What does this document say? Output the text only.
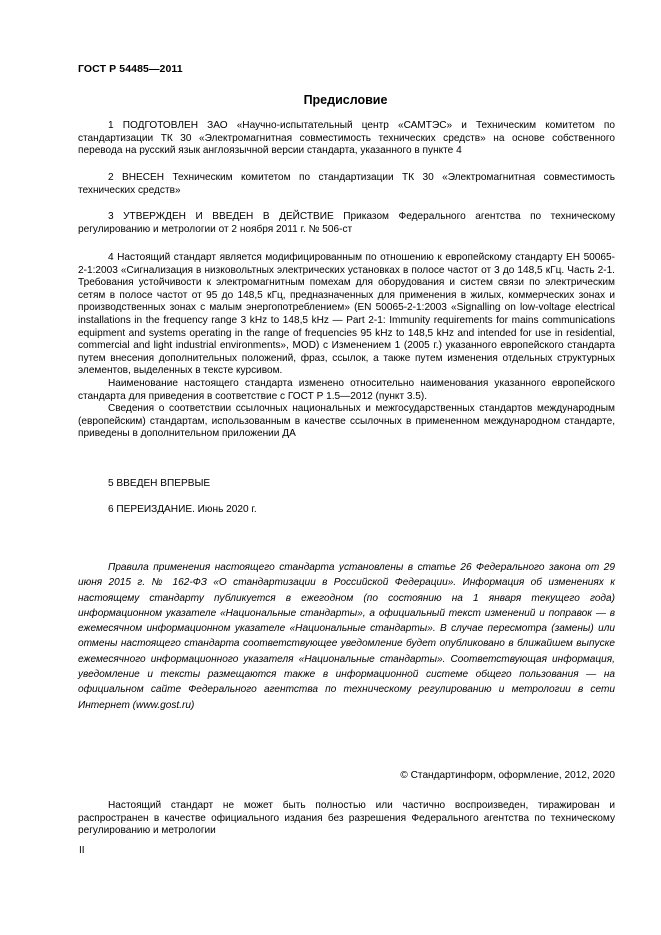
ГОСТ Р 54485—2011
Предисловие

1 ПОДГОТОВЛЕН ЗАО «Научно-испытательный центр «САМТЭС» и Техническим комитетом по стандартизации ТК 30 «Электромагнитная совместимость технических средств» на основе собственного перевода на русский язык англоязычной версии стандарта, указанного в пункте 4

2 ВНЕСЕН Техническим комитетом по стандартизации ТК 30 «Электромагнитная совместимость технических средств»

3 УТВЕРЖДЕН И ВВЕДЕН В ДЕЙСТВИЕ Приказом Федерального агентства по техническому регулированию и метрологии от 2 ноября 2011 г. № 506-ст

4 Настоящий стандарт является модифицированным по отношению к европейскому стандарту ЕН 50065-2-1:2003 «Сигнализация в низковольтных электрических установках в полосе частот от 3 до 148,5 кГц. Часть 2-1. Требования устойчивости к электромагнитным помехам для оборудования и систем связи по электрическим сетям в полосе частот от 95 до 148,5 кГц, предназначенных для применения в жилых, коммерческих зонах и производственных зонах с малым энергопотреблением» (EN 50065-2-1:2003 «Signalling on low-voltage electrical installations in the frequency range 3 kHz to 148,5 kHz — Part 2-1: Immunity requirements for mains communications equipment and systems operating in the range of frequencies 95 kHz to 148,5 kHz and intended for use in residential, commercial and light industrial environments», MOD) с Изменением 1 (2005 г.) указанного европейского стандарта путем внесения дополнительных положений, фраз, ссылок, а также путем изменения отдельных структурных элементов, выделенных в тексте курсивом.

Наименование настоящего стандарта изменено относительно наименования указанного европейского стандарта для приведения в соответствие с ГОСТ Р 1.5—2012 (пункт 3.5).

Сведения о соответствии ссылочных национальных и межгосударственных стандартов международным (европейским) стандартам, использованным в качестве ссылочных в примененном международном стандарте, приведены в дополнительном приложении ДА

5 ВВЕДЕН ВПЕРВЫЕ

6 ПЕРЕИЗДАНИЕ. Июнь 2020 г.

Правила применения настоящего стандарта установлены в статье 26 Федерального закона от 29 июня 2015 г. № 162-ФЗ «О стандартизации в Российской Федерации». Информация об изменениях к настоящему стандарту публикуется в ежегодном (по состоянию на 1 января текущего года) информационном указателе «Национальные стандарты», а официальный текст изменений и поправок — в ежемесячном информационном указателе «Национальные стандарты». В случае пересмотра (замены) или отмены настоящего стандарта соответствующее уведомление будет опубликовано в ближайшем выпуске ежемесячного информационного указателя «Национальные стандарты». Соответствующая информация, уведомление и тексты размещаются также в информационной системе общего пользования — на официальном сайте Федерального агентства по техническому регулированию и метрологии в сети Интернет (www.gost.ru)

© Стандартинформ, оформление, 2012, 2020

Настоящий стандарт не может быть полностью или частично воспроизведен, тиражирован и распространен в качестве официального издания без разрешения Федерального агентства по техническому регулированию и метрологии

II
